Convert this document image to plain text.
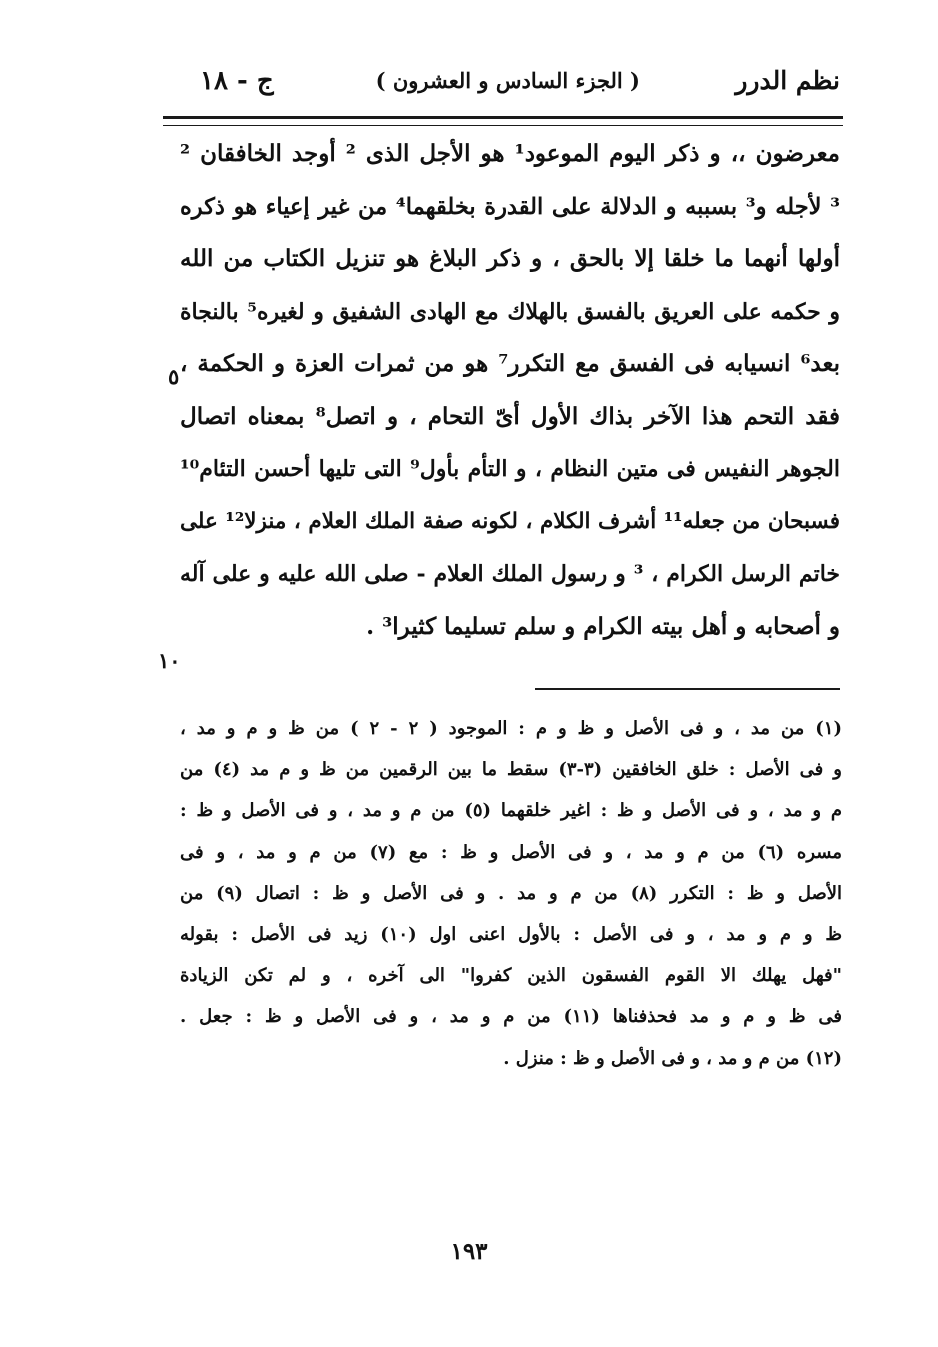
نظم الدرر
( الجزء السادس و العشرون )
ج - ١٨
معرضون ،، و ذكر اليوم الموعود¹ هو الأجل الذى ² أوجد الخافقان ²
³ لأجله و³ بسببه و الدلالة على القدرة بخلقهما⁴ من غير إعياء هو ذكره
أولها أنهما ما خلقا إلا بالحق ، و ذكر البلاغ هو تنزيل الكتاب من الله
و حكمه على العريق بالفسق بالهلاك مع الهادى الشفيق و لغيره⁵ بالنجاة
بعد⁶ انسيابه فى الفسق مع التكرر⁷ هو من ثمرات العزة و الحكمة ،
فقد التحم هذا الآخر بذاك الأول أىّ التحام ، و اتصل⁸ بمعناه اتصال
الجوهر النفيس فى متين النظام ، و التأم بأول⁹ التى تليها أحسن التئام¹⁰
فسبحان من جعله¹¹ أشرف الكلام ، لكونه صفة الملك العلام ، منزلا¹² على
خاتم الرسل الكرام ، ³ و رسول الملك العلام - صلى الله عليه و على آله
و أصحابه و أهل بيته الكرام و سلم تسليما كثيرا³ .
٥
١٠
(١) من مد ، و فى الأصل و ظ و م : الموجود ( ٢ - ٢ ) من ظ و م و مد ،
و فى الأصل : خلق الخافقين (٣-٣) سقط ما بين الرقمين من ظ و م مد (٤) من
م و مد ، و فى الأصل و ظ : اغير خلقهما (٥) من م و مد ، و فى الأصل و ظ :
مسره (٦) من م و مد ، و فى الأصل و ظ : مع (٧) من م و مد ، و فى
الأصل و ظ : التكرر (٨) من م و مد . و فى الأصل و ظ : اتصال (٩) من
ظ و م و مد ، و فى الأصل : بالأول اعنى اول (١٠) زيد فى الأصل : بقوله
"فهل يهلك الا القوم الفسقون الذين كفروا" الى آخره ، و لم تكن الزيادة
فى ظ و م و مد فحذفناها (١١) من م و مد ، و فى الأصل و ظ : جعل .
(١٢) من م و مد ، و فى الأصل و ظ : منزل .
١٩٣
